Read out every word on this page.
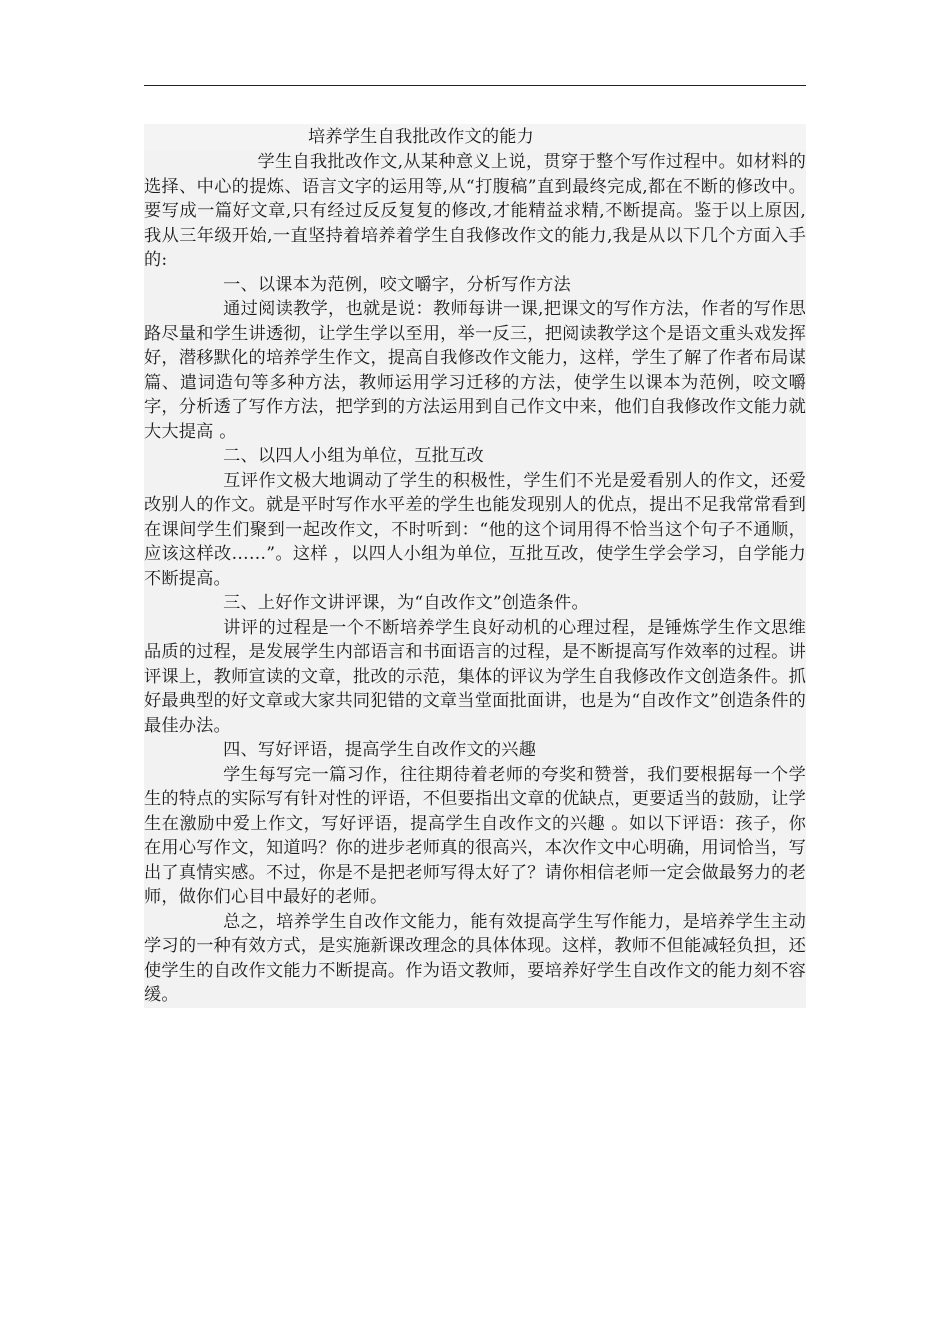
培养学生自我批改作文的能力

学生自我批改作文,从某种意义上说，贯穿于整个写作过程中。如材料的选择、中心的提炼、语言文字的运用等,从“打腹稿”直到最终完成,都在不断的修改中。要写成一篇好文章,只有经过反反复复的修改,才能精益求精,不断提高。鉴于以上原因,我从三年级开始,一直坚持着培养着学生自我修改作文的能力,我是从以下几个方面入手的:

一、以课本为范例，咬文嚼字，分析写作方法

通过阅读教学，也就是说：教师每讲一课,把课文的写作方法，作者的写作思路尽量和学生讲透彻，让学生学以至用，举一反三，把阅读教学这个是语文重头戏发挥好，潜移默化的培养学生作文，提高自我修改作文能力，这样，学生了解了作者布局谋篇、遣词造句等多种方法，教师运用学习迁移的方法，使学生以课本为范例，咬文嚼字，分析透了写作方法，把学到的方法运用到自己作文中来，他们自我修改作文能力就大大提高 。

二、以四人小组为单位，互批互改

互评作文极大地调动了学生的积极性，学生们不光是爱看别人的作文，还爱改别人的作文。就是平时写作水平差的学生也能发现别人的优点，提出不足我常常看到在课间学生们聚到一起改作文，不时听到：“他的这个词用得不恰当这个句子不通顺，应该这样改……”。这样 ，以四人小组为单位，互批互改，使学生学会学习，自学能力不断提高。

三、上好作文讲评课，为“自改作文”创造条件。

讲评的过程是一个不断培养学生良好动机的心理过程，是锤炼学生作文思维品质的过程，是发展学生内部语言和书面语言的过程，是不断提高写作效率的过程。讲评课上，教师宣读的文章，批改的示范，集体的评议为学生自我修改作文创造条件。抓好最典型的好文章或大家共同犯错的文章当堂面批面讲，也是为“自改作文”创造条件的最佳办法。

四、写好评语，提高学生自改作文的兴趣

学生每写完一篇习作，往往期待着老师的夸奖和赞誉，我们要根据每一个学生的特点的实际写有针对性的评语，不但要指出文章的优缺点，更要适当的鼓励，让学生在激励中爱上作文，写好评语，提高学生自改作文的兴趣 。如以下评语：孩子，你在用心写作文，知道吗？你的进步老师真的很高兴，本次作文中心明确，用词恰当，写出了真情实感。不过，你是不是把老师写得太好了？请你相信老师一定会做最努力的老师，做你们心目中最好的老师。

总之，培养学生自改作文能力，能有效提高学生写作能力，是培养学生主动学习的一种有效方式，是实施新课改理念的具体体现。这样，教师不但能减轻负担，还使学生的自改作文能力不断提高。作为语文教师，要培养好学生自改作文的能力刻不容缓。
